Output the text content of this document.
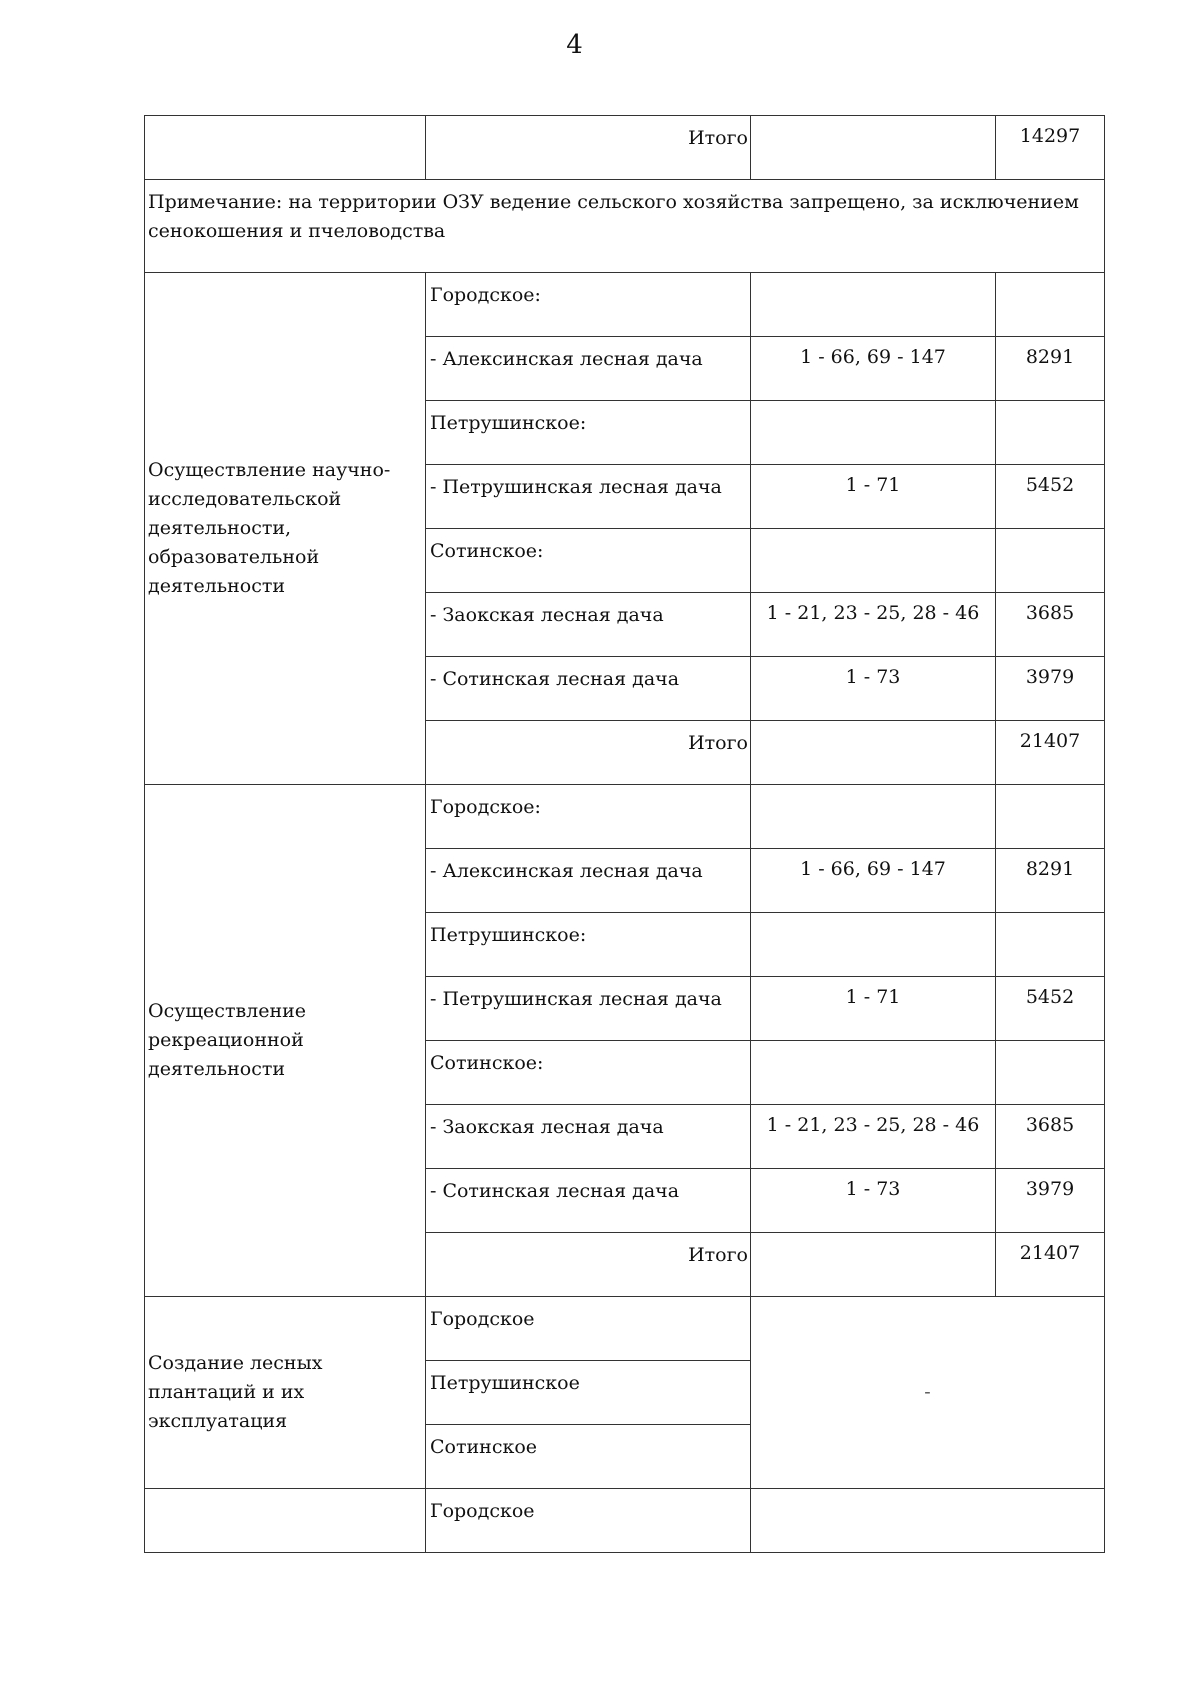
4
	Итого		14297
Примечание: на территории ОЗУ ведение сельского хозяйства запрещено, за исключением сенокошения и пчеловодства			
Осуществление научно-исследовательской деятельности, образовательной деятельности	Городское:		
	- Алексинская лесная дача	1 - 66, 69 - 147	8291
	Петрушинское:		
	- Петрушинская лесная дача	1 - 71	5452
	Сотинское:		
	- Заокская лесная дача	1 - 21, 23 - 25, 28 - 46	3685
	- Сотинская лесная дача	1 - 73	3979
	Итого		21407
Осуществление рекреационной деятельности	Городское:		
	- Алексинская лесная дача	1 - 66, 69 - 147	8291
	Петрушинское:		
	- Петрушинская лесная дача	1 - 71	5452
	Сотинское:		
	- Заокская лесная дача	1 - 21, 23 - 25, 28 - 46	3685
	- Сотинская лесная дача	1 - 73	3979
	Итого		21407
Создание лесных плантаций и их эксплуатация	Городское	-	
	Петрушинское		
	Сотинское		
	Городское		
